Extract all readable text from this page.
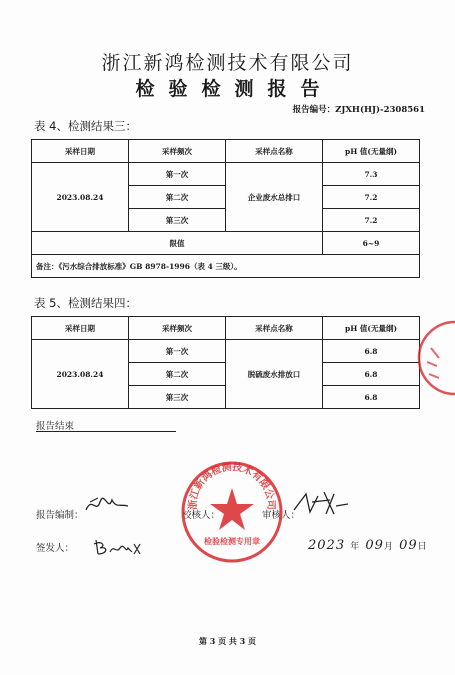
浙江新鸿检测技术有限公司
检验检测报告
报告编号：ZJXH(HJ)-2308561
表 4、检测结果三：
采样日期	采样频次	采样点名称	pH 值(无量纲)
2023.08.24	第一次	企业废水总排口	7.3
	第二次		7.2
	第三次		7.2
限值			6~9
备注：《污水综合排放标准》GB 8978-1996（表 4 三级）。			
表 5、检测结果四：
采样日期	采样频次	采样点名称	pH 值(无量纲)
2023.08.24	第一次	脱硫废水排放口	6.8
	第二次		6.8
	第三次		6.8
报告结束
报告编制：	校核人：	审核人：
签发人：	2023 年 09月 09日
浙江新鸿检测技术有限公司
检验检测专用章
第 3 页 共 3 页
